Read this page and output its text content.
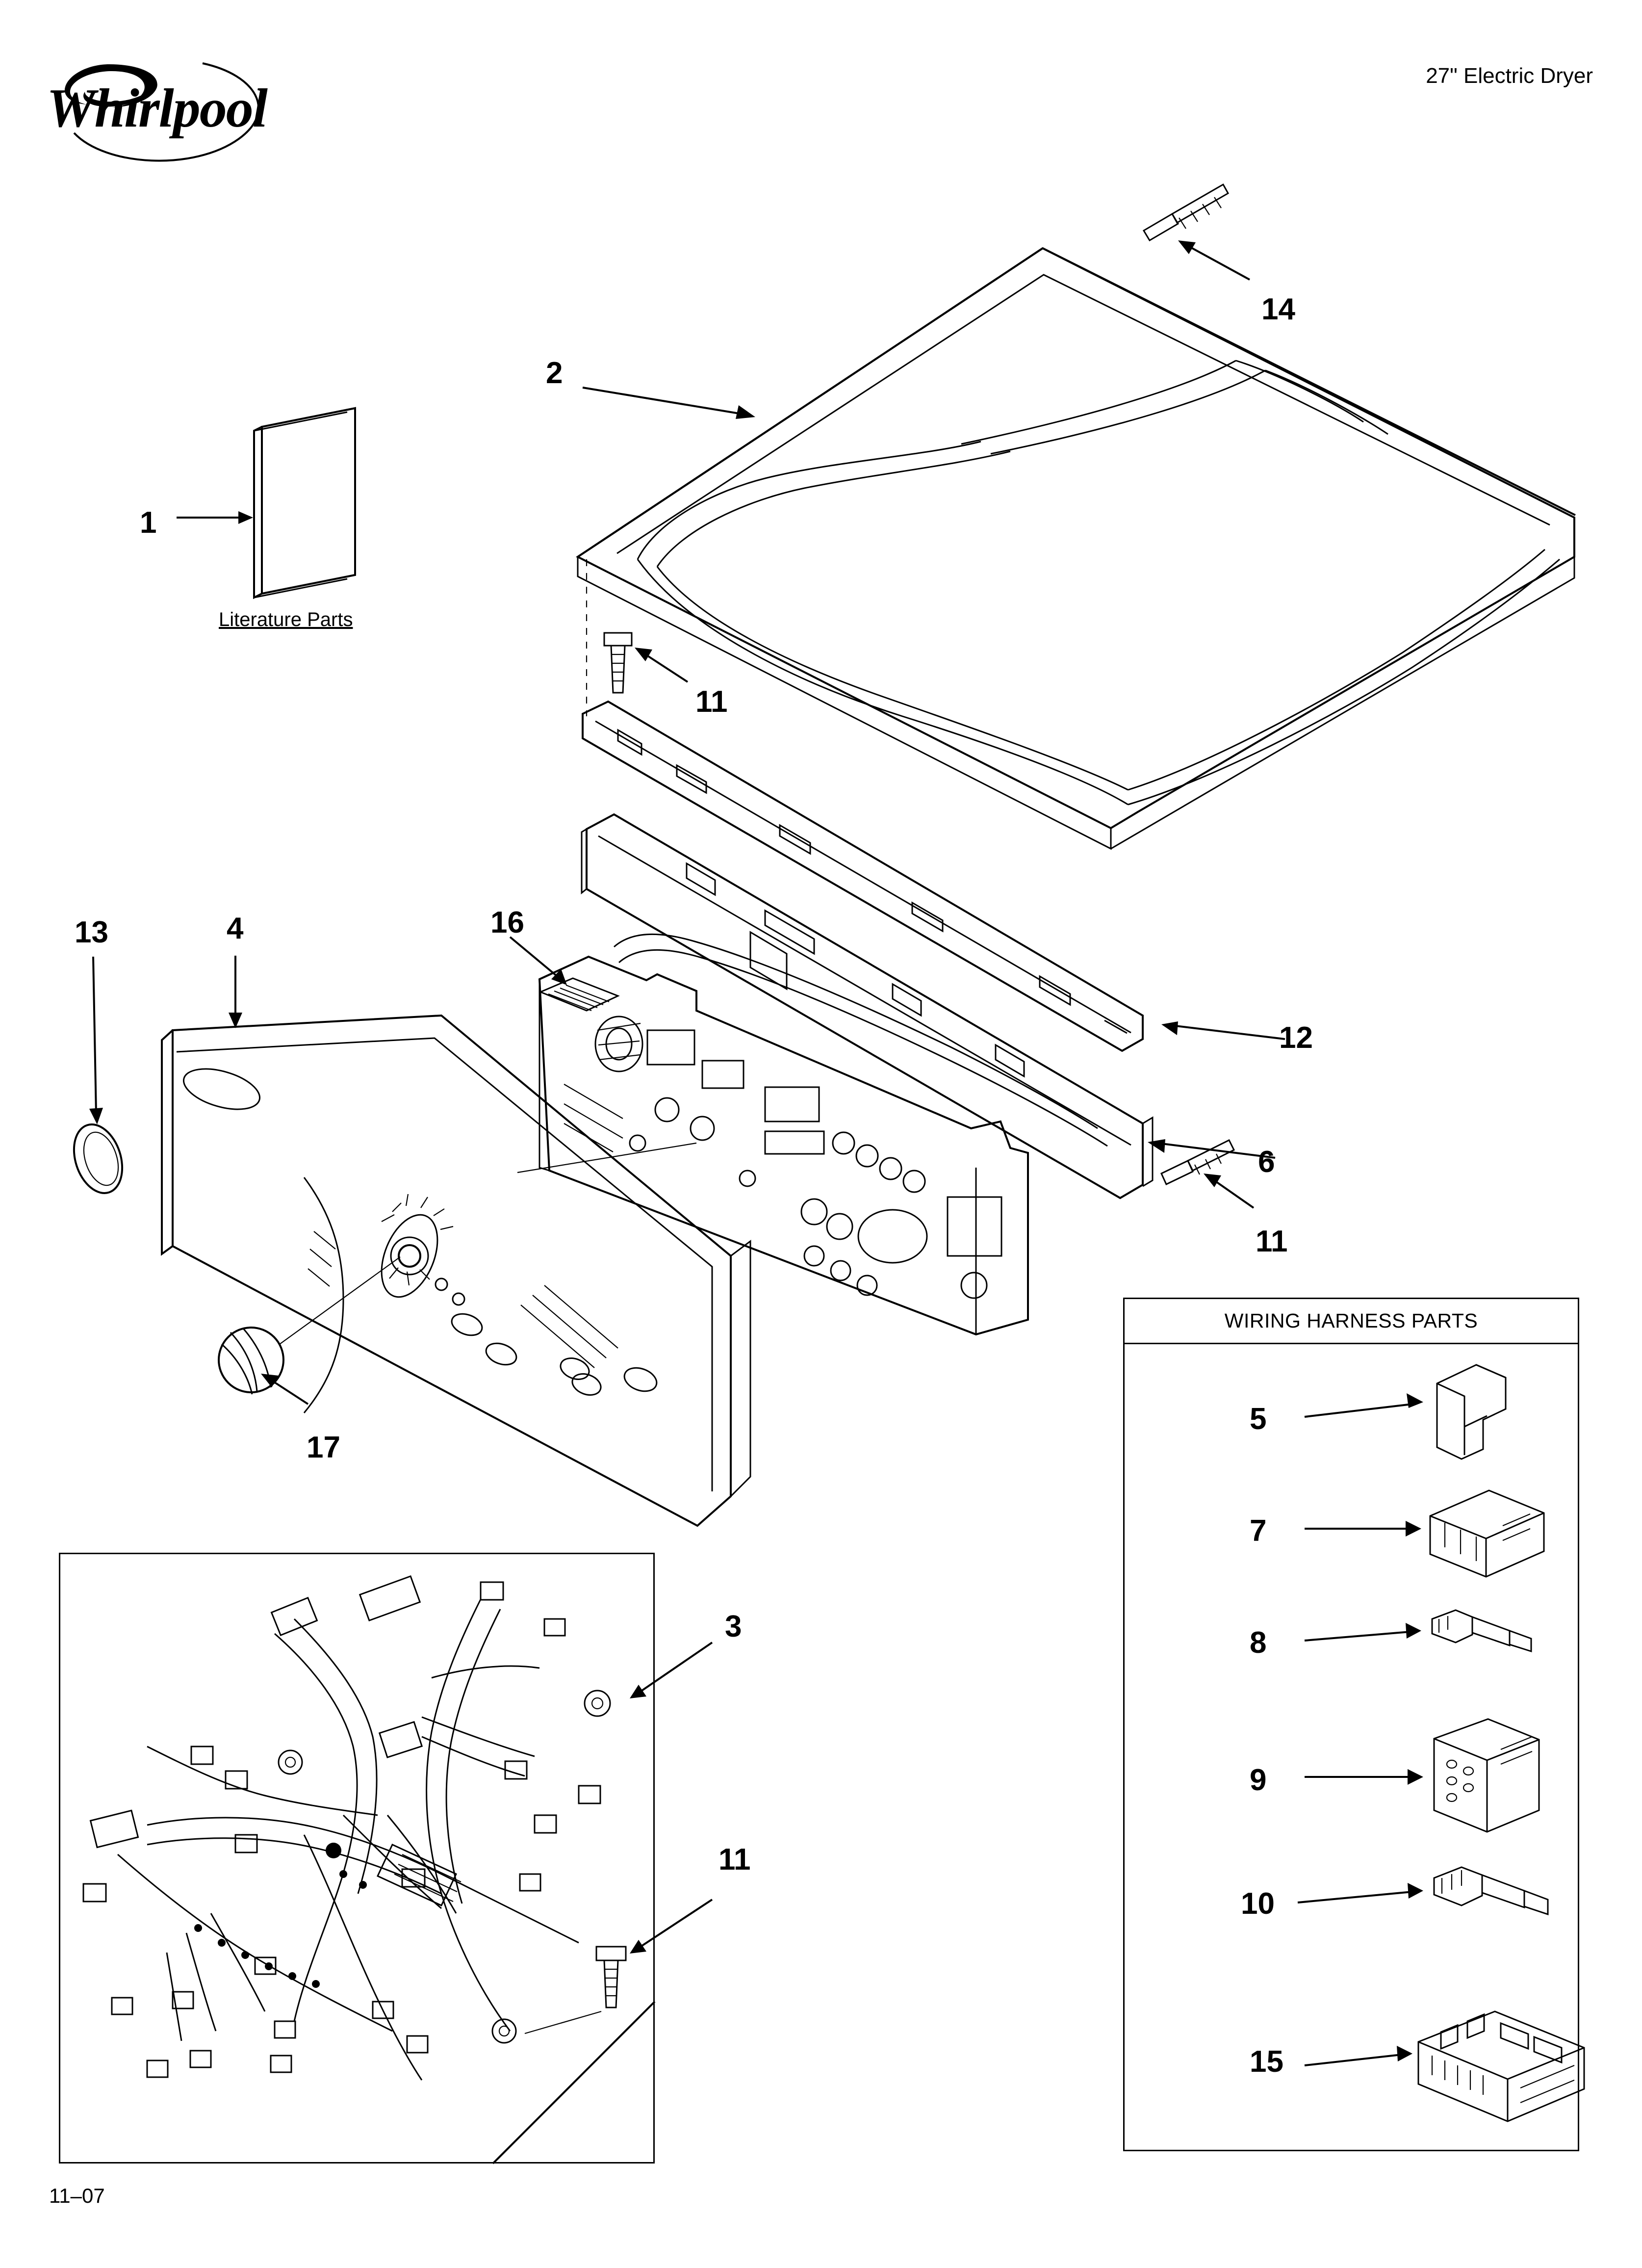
Whirlpool
27" Electric Dryer
WIRING HARNESS PARTS
Literature Parts
1
2
3
4
5
6
7
8
9
10
11
12
13
14
15
16
17
11
11
11–07
